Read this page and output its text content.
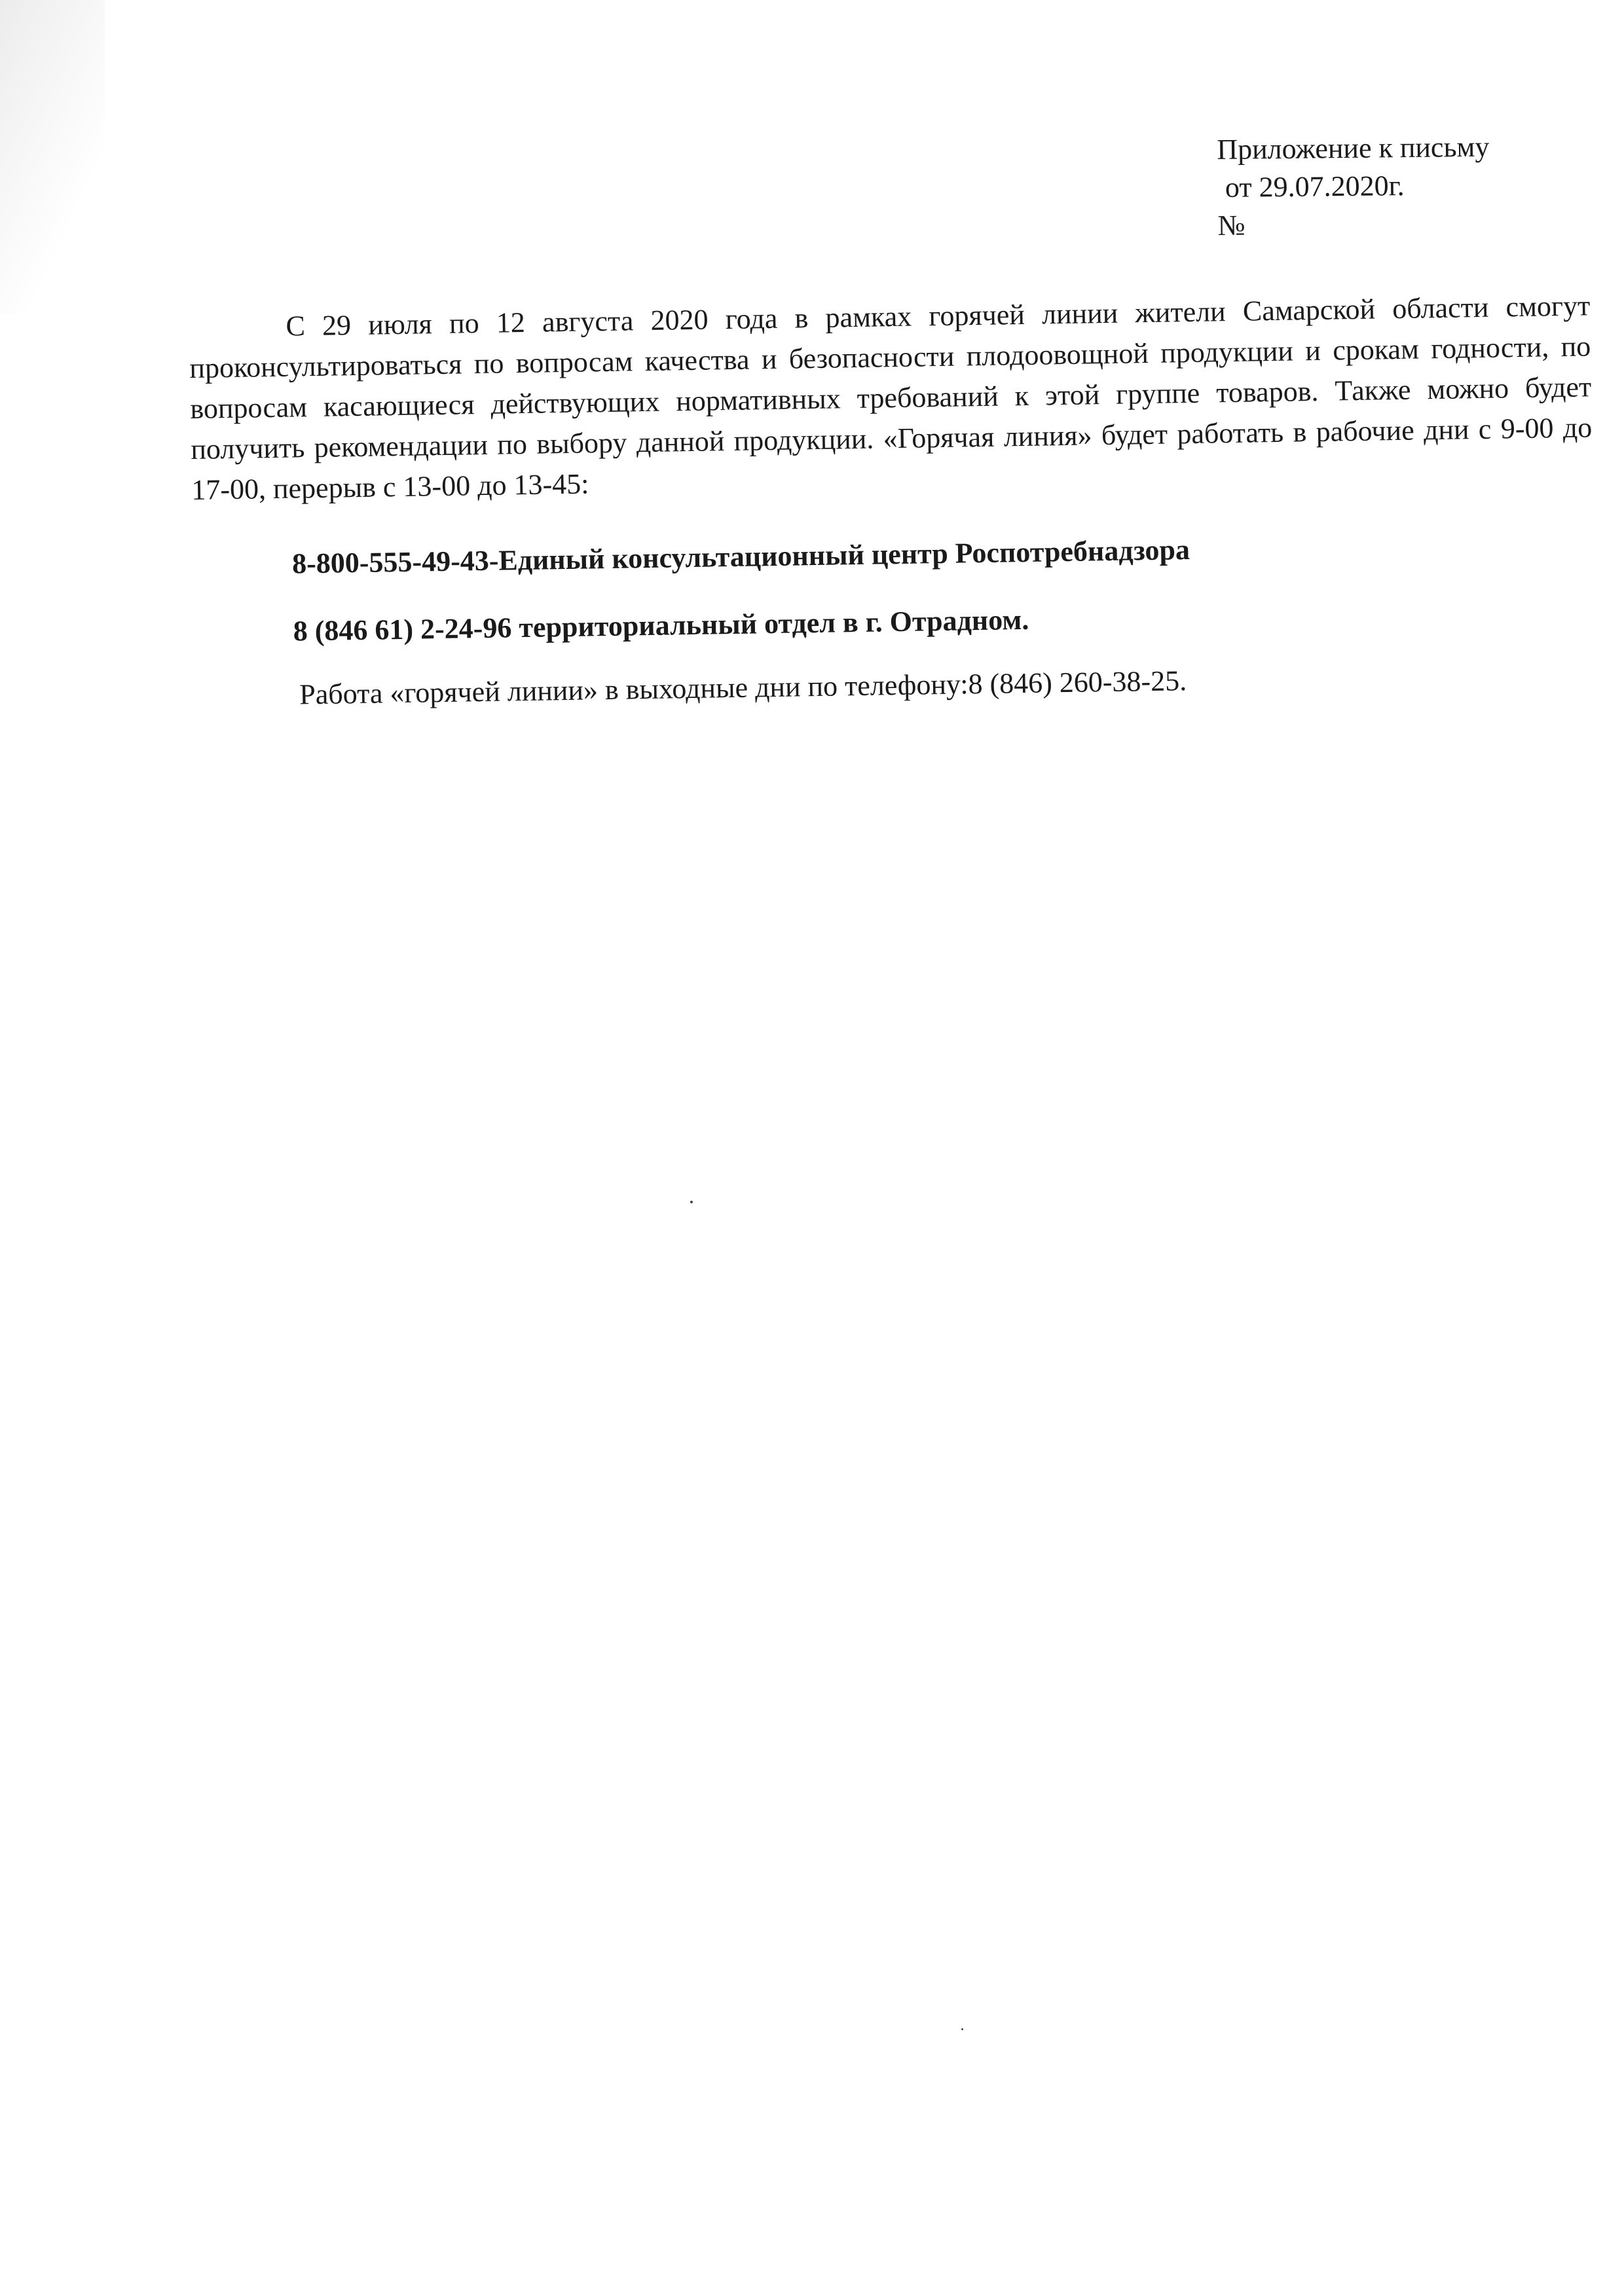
Приложение к письму
от 29.07.2020г.
№

С 29 июля по 12 августа 2020 года в рамках горячей линии жители Самарской области смогут проконсультироваться по вопросам качества и безопасности плодоовощной продукции и срокам годности, по вопросам касающиеся действующих нормативных требований к этой группе товаров. Также можно будет получить рекомендации по выбору данной продукции. «Горячая линия» будет работать в рабочие дни с 9-00 до 17-00, перерыв с 13-00 до 13-45:

8-800-555-49-43-Единый консультационный центр Роспотребнадзора

8 (846 61) 2-24-96 территориальный отдел в г. Отрадном.

Работа «горячей линии» в выходные дни по телефону:8 (846) 260-38-25.
